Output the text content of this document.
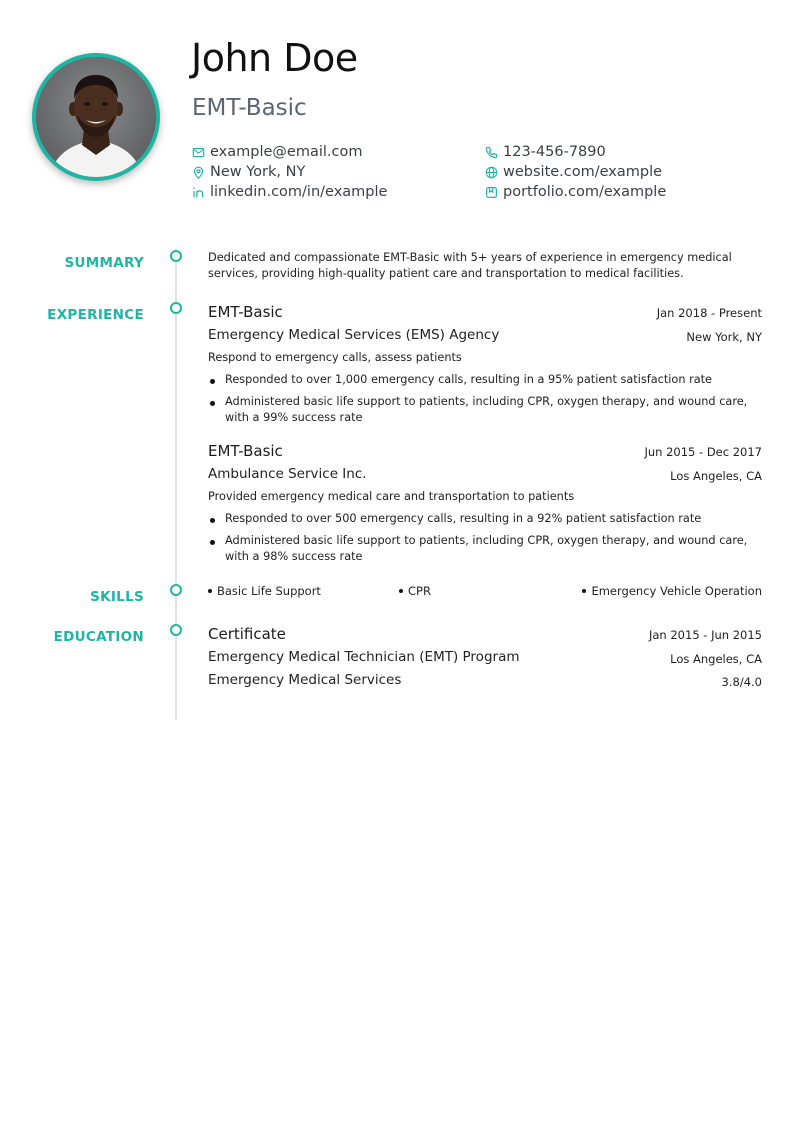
John Doe
EMT-Basic
example@email.com
New York, NY
linkedin.com/in/example
123-456-7890
website.com/example
portfolio.com/example
SUMMARY	Dedicated and compassionate EMT-Basic with 5+ years of experience in emergency medical services, providing high-quality patient care and transportation to medical facilities.

EXPERIENCE	EMT-Basic	Jan 2018 - Present
Emergency Medical Services (EMS) Agency	New York, NY

Respond to emergency calls, assess patients

Responded to over 1,000 emergency calls, resulting in a 95% patient satisfaction rate
Administered basic life support to patients, including CPR, oxygen therapy, and wound care, with a 99% success rate
EMT-Basic	Jun 2015 - Dec 2017
Ambulance Service Inc.	Los Angeles, CA

Provided emergency medical care and transportation to patients

Responded to over 500 emergency calls, resulting in a 92% patient satisfaction rate
Administered basic life support to patients, including CPR, oxygen therapy, and wound care, with a 98% success rate
SKILLS	Basic Life Support	CPR	Emergency Vehicle Operation
EDUCATION	Certificate	Jan 2015 - Jun 2015
Emergency Medical Technician (EMT) Program	Los Angeles, CA
Emergency Medical Services	3.8/4.0
